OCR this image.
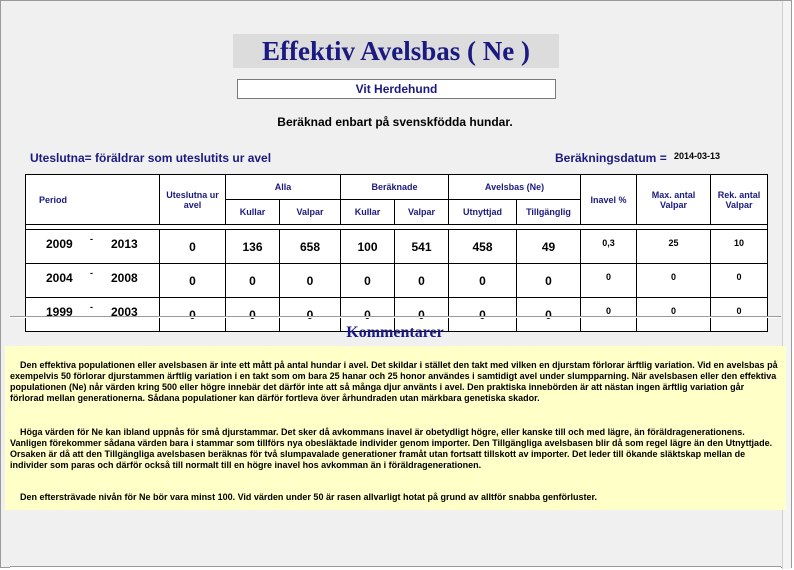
Effektiv Avelsbas ( Ne )
Vit Herdehund
Beräknad enbart på svenskfödda hundar.
Uteslutna= föräldrar som uteslutits ur avel	Beräkningsdatum = 2014-03-13
Period	Uteslutna ur avel	Alla		Beräknade		Avelsbas (Ne)		Inavel %	Max. antal Valpar	Rek. antal Valpar
		Kullar	Valpar	Kullar	Valpar	Utnyttjad	Tillgänglig			

2009 - 2013	0	136	658	100	541	458	49	0,3	25	10

2004 - 2008	0	0	0	0	0	0	0	0	0	0

1999 - 2003	0	0	0	0	0	0	0	0	0	0
Kommentarer

Den effektiva populationen eller avelsbasen är inte ett mått på antal hundar i avel. Det skildar i stället den takt med vilken en djurstam förlorar ärftlig variation. Vid en avelsbas på exempelvis 50 förlorar djurstammen ärftlig variation i en takt som om bara 25 hanar och 25 honor användes i samtidigt avel under slumpparning. När avelsbasen eller den effektiva populationen (Ne) når värden kring 500 eller högre innebär det därför inte att så många djur använts i avel. Den praktiska innebörden är att nästan ingen ärftlig variation går förlorad mellan generationerna. Sådana populationer kan därför fortleva över århundraden utan märkbara genetiska skador.

Höga värden för Ne kan ibland uppnås för små djurstammar. Det sker då avkommans inavel är obetydligt högre, eller kanske till och med lägre, än föräldragenerationens. Vanligen förekommer sådana värden bara i stammar som tillförs nya obesläktade individer genom importer. Den Tillgängliga avelsbasen blir då som regel lägre än den Utnyttjade. Orsaken är då att den Tillgängliga avelsbasen beräknas för två slumpavalade generationer framåt utan fortsatt tillskott av importer. Det leder till ökande släktskap mellan de individer som paras och därför också till normalt till en högre inavel hos avkomman än i föräldragenerationen.

Den eftersträvade nivån för Ne bör vara minst 100. Vid värden under 50 är rasen allvarligt hotat på grund av alltför snabba genförluster.
